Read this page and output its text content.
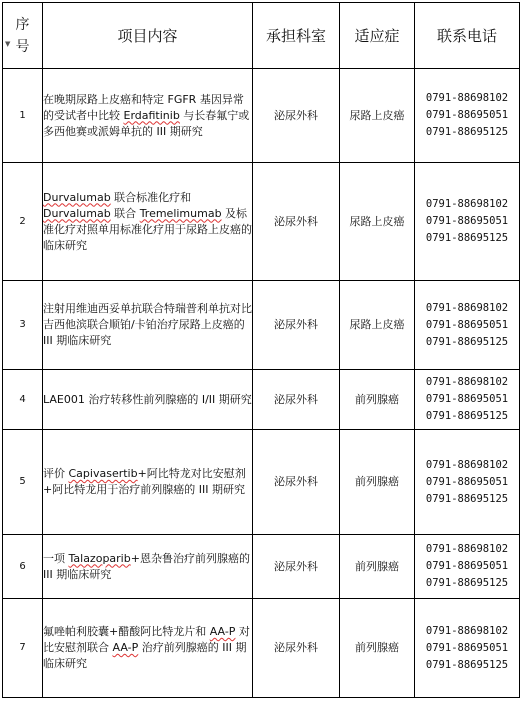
序号
▼	项目内容	承担科室	适应症	联系电话
1	在晚期尿路上皮癌和特定 FGFR 基因异常的受试者中比较 Erdafitinib 与长春氟宁或多西他赛或派姆单抗的 III 期研究	泌尿外科	尿路上皮癌	0791-88698102
0791-88695051
0791-88695125

2	Durvalumab 联合标准化疗和 Durvalumab 联合 Tremelimumab 及标准化疗对照单用标准化疗用于尿路上皮癌的临床研究	泌尿外科	尿路上皮癌	0791-88698102
0791-88695051
0791-88695125

3	注射用维迪西妥单抗联合特瑞普利单抗对比吉西他滨联合顺铂/卡铂治疗尿路上皮癌的 III 期临床研究	泌尿外科	尿路上皮癌	0791-88698102
0791-88695051
0791-88695125

4	LAE001 治疗转移性前列腺癌的 I/II 期研究	泌尿外科	前列腺癌	0791-88698102
0791-88695051
0791-88695125

5	评价 Capivasertib+阿比特龙对比安慰剂+阿比特龙用于治疗前列腺癌的 III 期研究	泌尿外科	前列腺癌	0791-88698102
0791-88695051
0791-88695125

6	一项 Talazoparib+恩杂鲁治疗前列腺癌的 III 期临床研究	泌尿外科	前列腺癌	0791-88698102
0791-88695051
0791-88695125

7	氟唑帕利胶囊+醋酸阿比特龙片和 AA-P 对比安慰剂联合 AA-P 治疗前列腺癌的 III 期临床研究	泌尿外科	前列腺癌	0791-88698102
0791-88695051
0791-88695125
